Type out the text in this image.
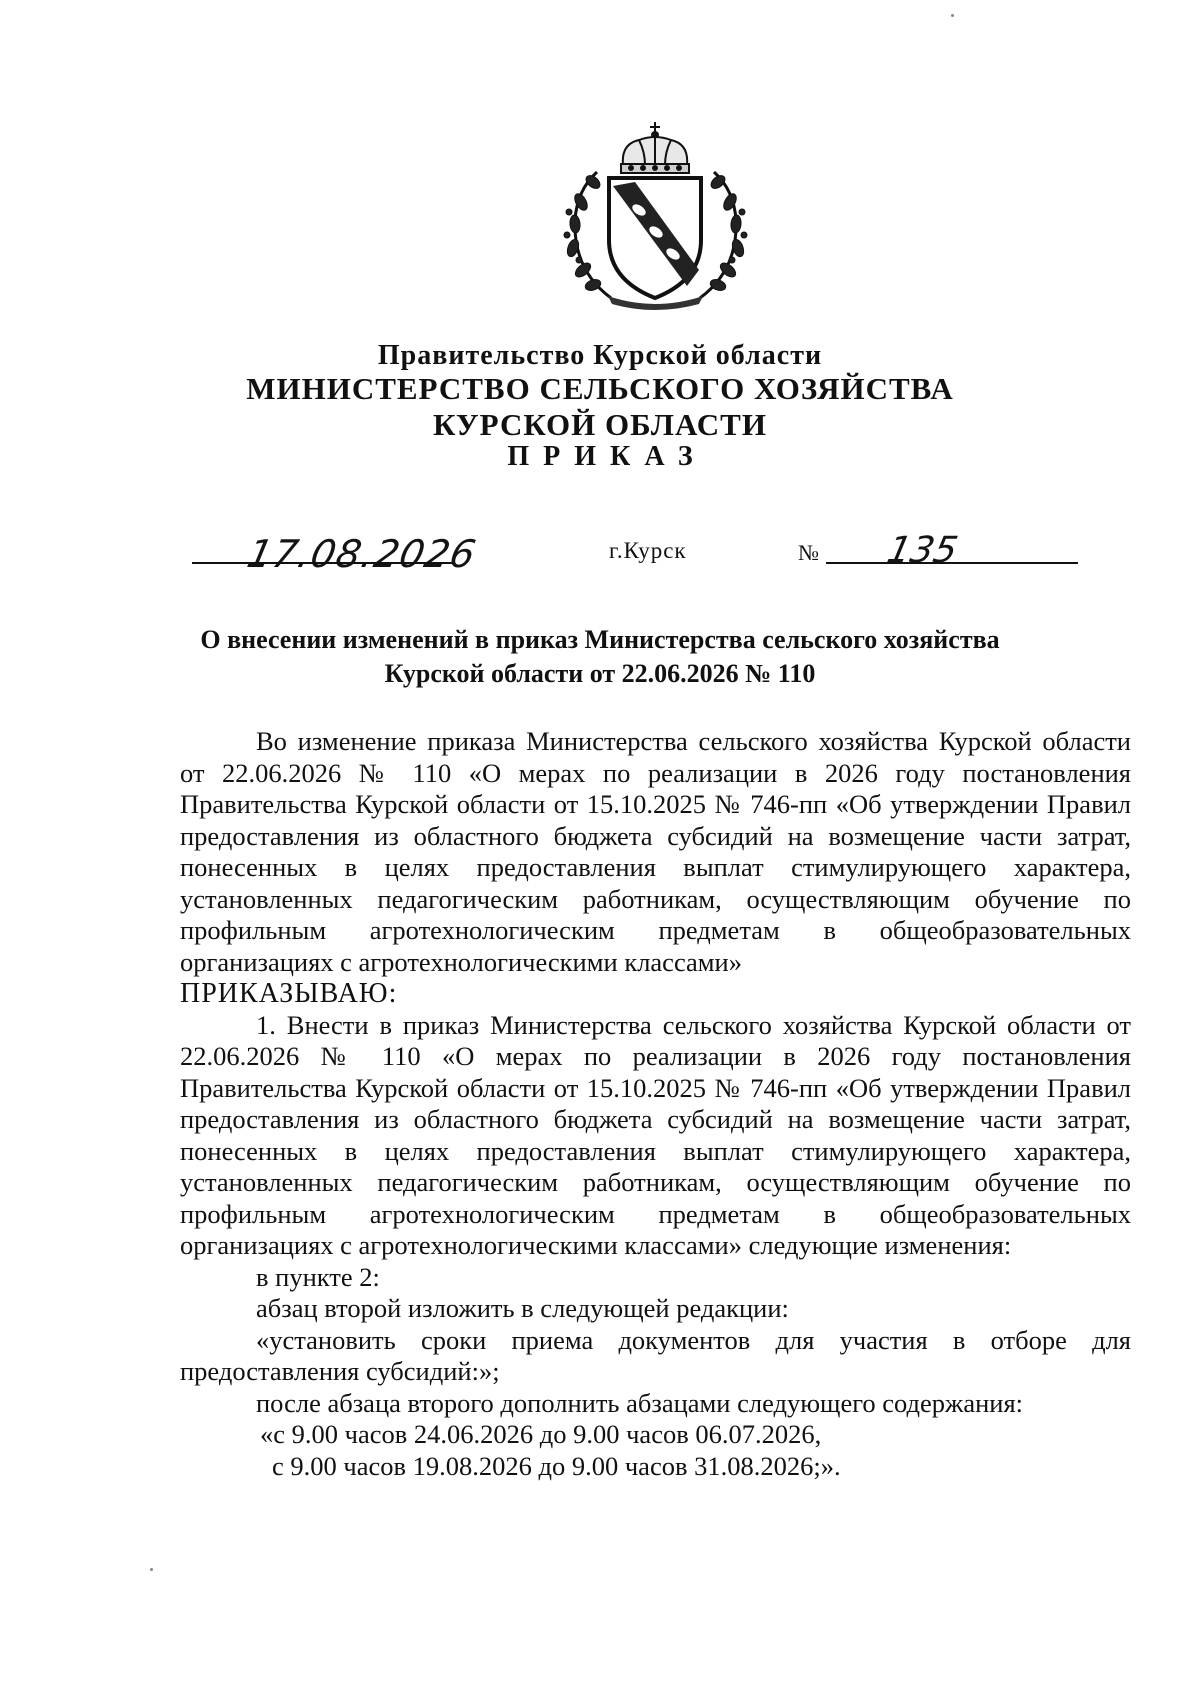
Правительство Курской области
МИНИСТЕРСТВО СЕЛЬСКОГО ХОЗЯЙСТВА
КУРСКОЙ ОБЛАСТИ
ПРИКАЗ
17.08.2026	г.Курск	№ 135
О внесении изменений в приказ Министерства сельского хозяйства
Курской области от 22.06.2026 № 110

Во изменение приказа Министерства сельского хозяйства Курской области от 22.06.2026 № 110 «О мерах по реализации в 2026 году постановления Правительства Курской области от 15.10.2025 № 746-пп «Об утверждении Правил предоставления из областного бюджета субсидий на возмещение части затрат, понесенных в целях предоставления выплат стимулирующего характера, установленных педагогическим работникам, осуществляющим обучение по профильным агротехнологическим предметам в общеобразовательных организациях с агротехнологическими классами»

ПРИКАЗЫВАЮ:

1. Внести в приказ Министерства сельского хозяйства Курской области от 22.06.2026 № 110 «О мерах по реализации в 2026 году постановления Правительства Курской области от 15.10.2025 № 746-пп «Об утверждении Правил предоставления из областного бюджета субсидий на возмещение части затрат, понесенных в целях предоставления выплат стимулирующего характера, установленных педагогическим работникам, осуществляющим обучение по профильным агротехнологическим предметам в общеобразовательных организациях с агротехнологическими классами» следующие изменения:

в пункте 2:
абзац второй изложить в следующей редакции:

«установить сроки приема документов для участия в отборе для предоставления субсидий:»;

после абзаца второго дополнить абзацами следующего содержания:
«с 9.00 часов 24.06.2026 до 9.00 часов 06.07.2026,
с 9.00 часов 19.08.2026 до 9.00 часов 31.08.2026;».
